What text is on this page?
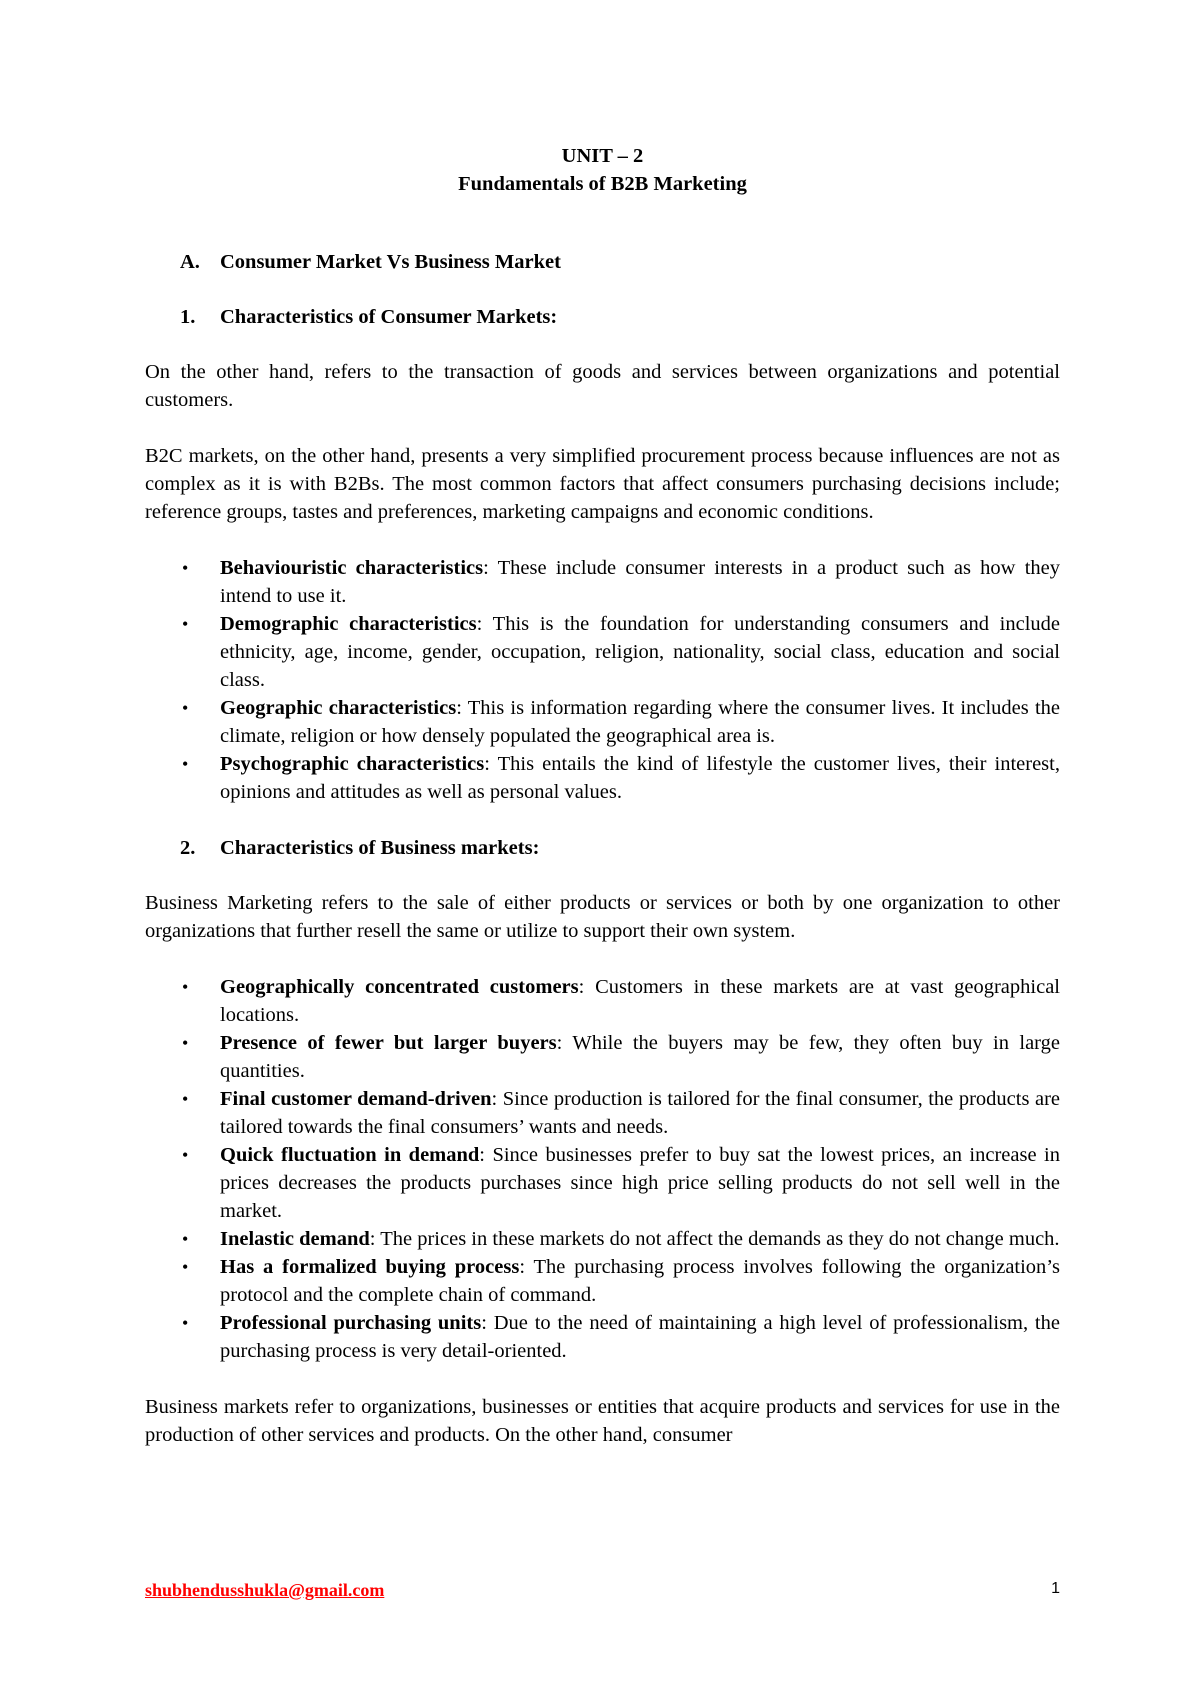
UNIT – 2

Fundamentals of B2B Marketing

A. Consumer Market Vs Business Market
1.	Characteristics of Consumer Markets:

On the other hand, refers to the transaction of goods and services between organizations and potential customers.

B2C markets, on the other hand, presents a very simplified procurement process because influences are not as complex as it is with B2Bs. The most common factors that affect consumers purchasing decisions include; reference groups, tastes and preferences, marketing campaigns and economic conditions.

• Behaviouristic characteristics: These include consumer interests in a product such as how they intend to use it.
• Demographic characteristics: This is the foundation for understanding consumers and include ethnicity, age, income, gender, occupation, religion, nationality, social class, education and social class.
• Geographic characteristics: This is information regarding where the consumer lives. It includes the climate, religion or how densely populated the geographical area is.
• Psychographic characteristics: This entails the kind of lifestyle the customer lives, their interest, opinions and attitudes as well as personal values.
2.	Characteristics of Business markets:

Business Marketing refers to the sale of either products or services or both by one organization to other organizations that further resell the same or utilize to support their own system.

• Geographically concentrated customers: Customers in these markets are at vast geographical locations.
• Presence of fewer but larger buyers: While the buyers may be few, they often buy in large quantities.
• Final customer demand-driven: Since production is tailored for the final consumer, the products are tailored towards the final consumers’ wants and needs.
• Quick fluctuation in demand: Since businesses prefer to buy sat the lowest prices, an increase in prices decreases the products purchases since high price selling products do not sell well in the market.
• Inelastic demand: The prices in these markets do not affect the demands as they do not change much.
• Has a formalized buying process: The purchasing process involves following the organization’s protocol and the complete chain of command.
• Professional purchasing units: Due to the need of maintaining a high level of professionalism, the purchasing process is very detail-oriented.

Business markets refer to organizations, businesses or entities that acquire products and services for use in the production of other services and products. On the other hand, consumer

shubhendusshukla@gmail.com	1
